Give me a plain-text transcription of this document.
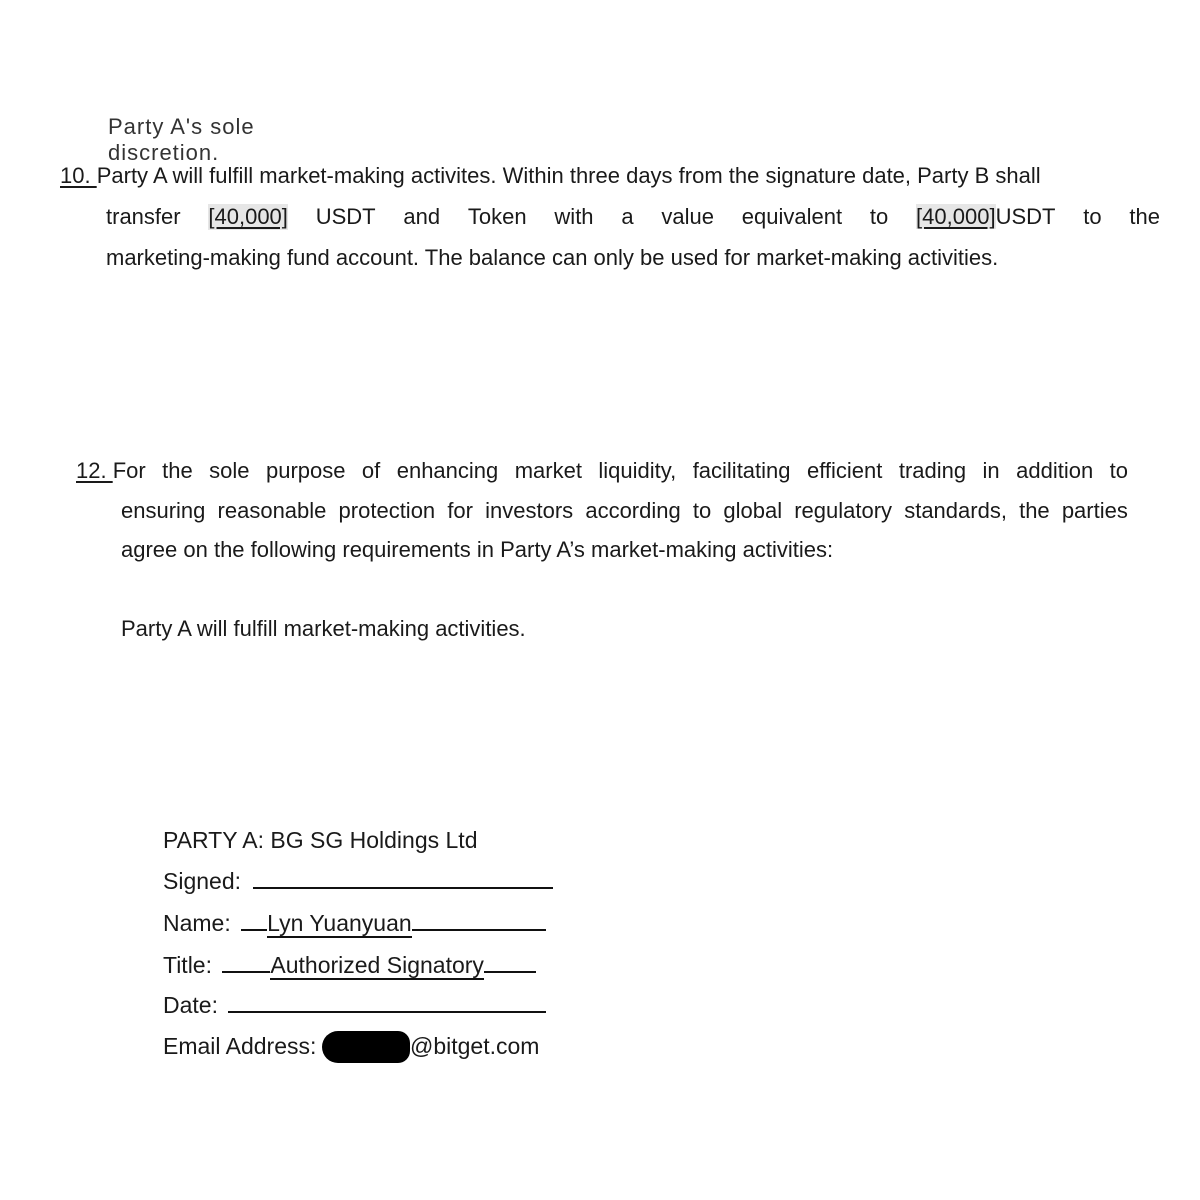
Party A's sole discretion.
10. Party A will fulfill market-making activites. Within three days from the signature date, Party B shall
transfer [40,000] USDT and Token with a value equivalent to [40,000]USDT to the
marketing-making fund account. The balance can only be used for market-making activities.
12. For the sole purpose of enhancing market liquidity, facilitating efficient trading in addition to
ensuring reasonable protection for investors according to global regulatory standards, the parties
agree on the following requirements in Party A’s market-making activities:
Party A will fulfill market-making activities.
PARTY A: BG SG Holdings Ltd
Signed:
Name: Lyn Yuanyuan
Title:	Authorized Signatory
Date:
Email Address:	@bitget.com
